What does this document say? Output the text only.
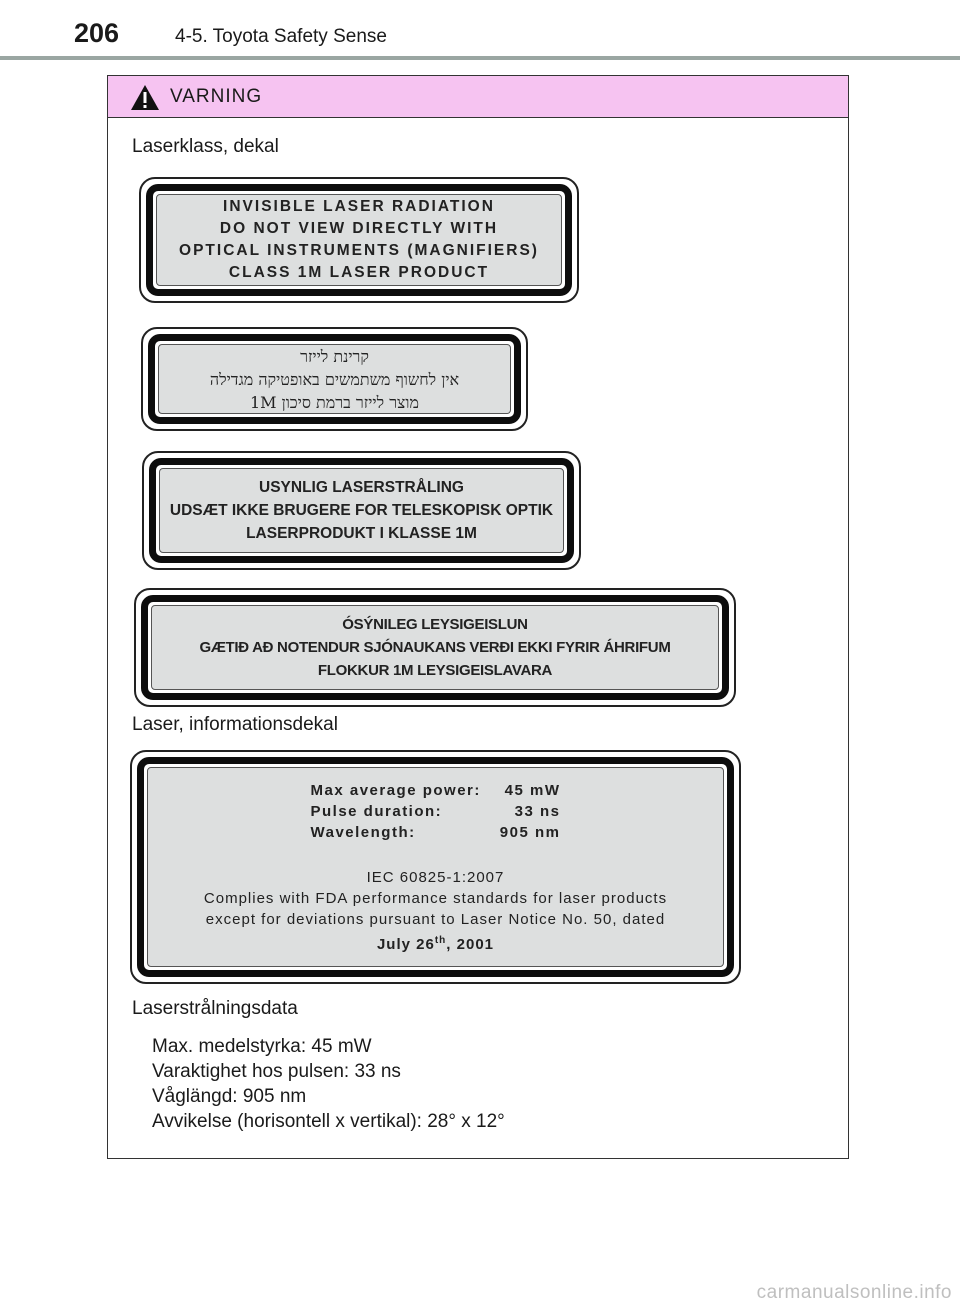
206	4-5. Toyota Safety Sense
VARNING
Laserklass, dekal
INVISIBLE LASER RADIATION
DO NOT VIEW DIRECTLY WITH
OPTICAL INSTRUMENTS (MAGNIFIERS)
CLASS 1M LASER PRODUCT
קרינת לייזר
אין לחשוף משתמשים באופטיקה מגדילה
מוצר לייזר ברמת סיכון 1M
USYNLIG LASERSTRÅLING
UDSÆT IKKE BRUGERE FOR TELESKOPISK OPTIK
LASERPRODUKT I KLASSE 1M
ÓSÝNILEG LEYSIGEISLUN
GÆTIÐ AÐ NOTENDUR SJÓNAUKANS VERÐI EKKI FYRIR ÁHRIFUM
FLOKKUR 1M LEYSIGEISLAVARA
Laser, informationsdekal
Max average power:	45 mW
Pulse duration:	33 ns
Wavelength:	905 nm
IEC 60825-1:2007
Complies with FDA performance standards for laser products
except for deviations pursuant to Laser Notice No. 50, dated
July 26th, 2001
Laserstrålningsdata
Max. medelstyrka: 45 mW
Varaktighet hos pulsen: 33 ns
Våglängd: 905 nm
Avvikelse (horisontell x vertikal): 28° x 12°
carmanualsonline.info
